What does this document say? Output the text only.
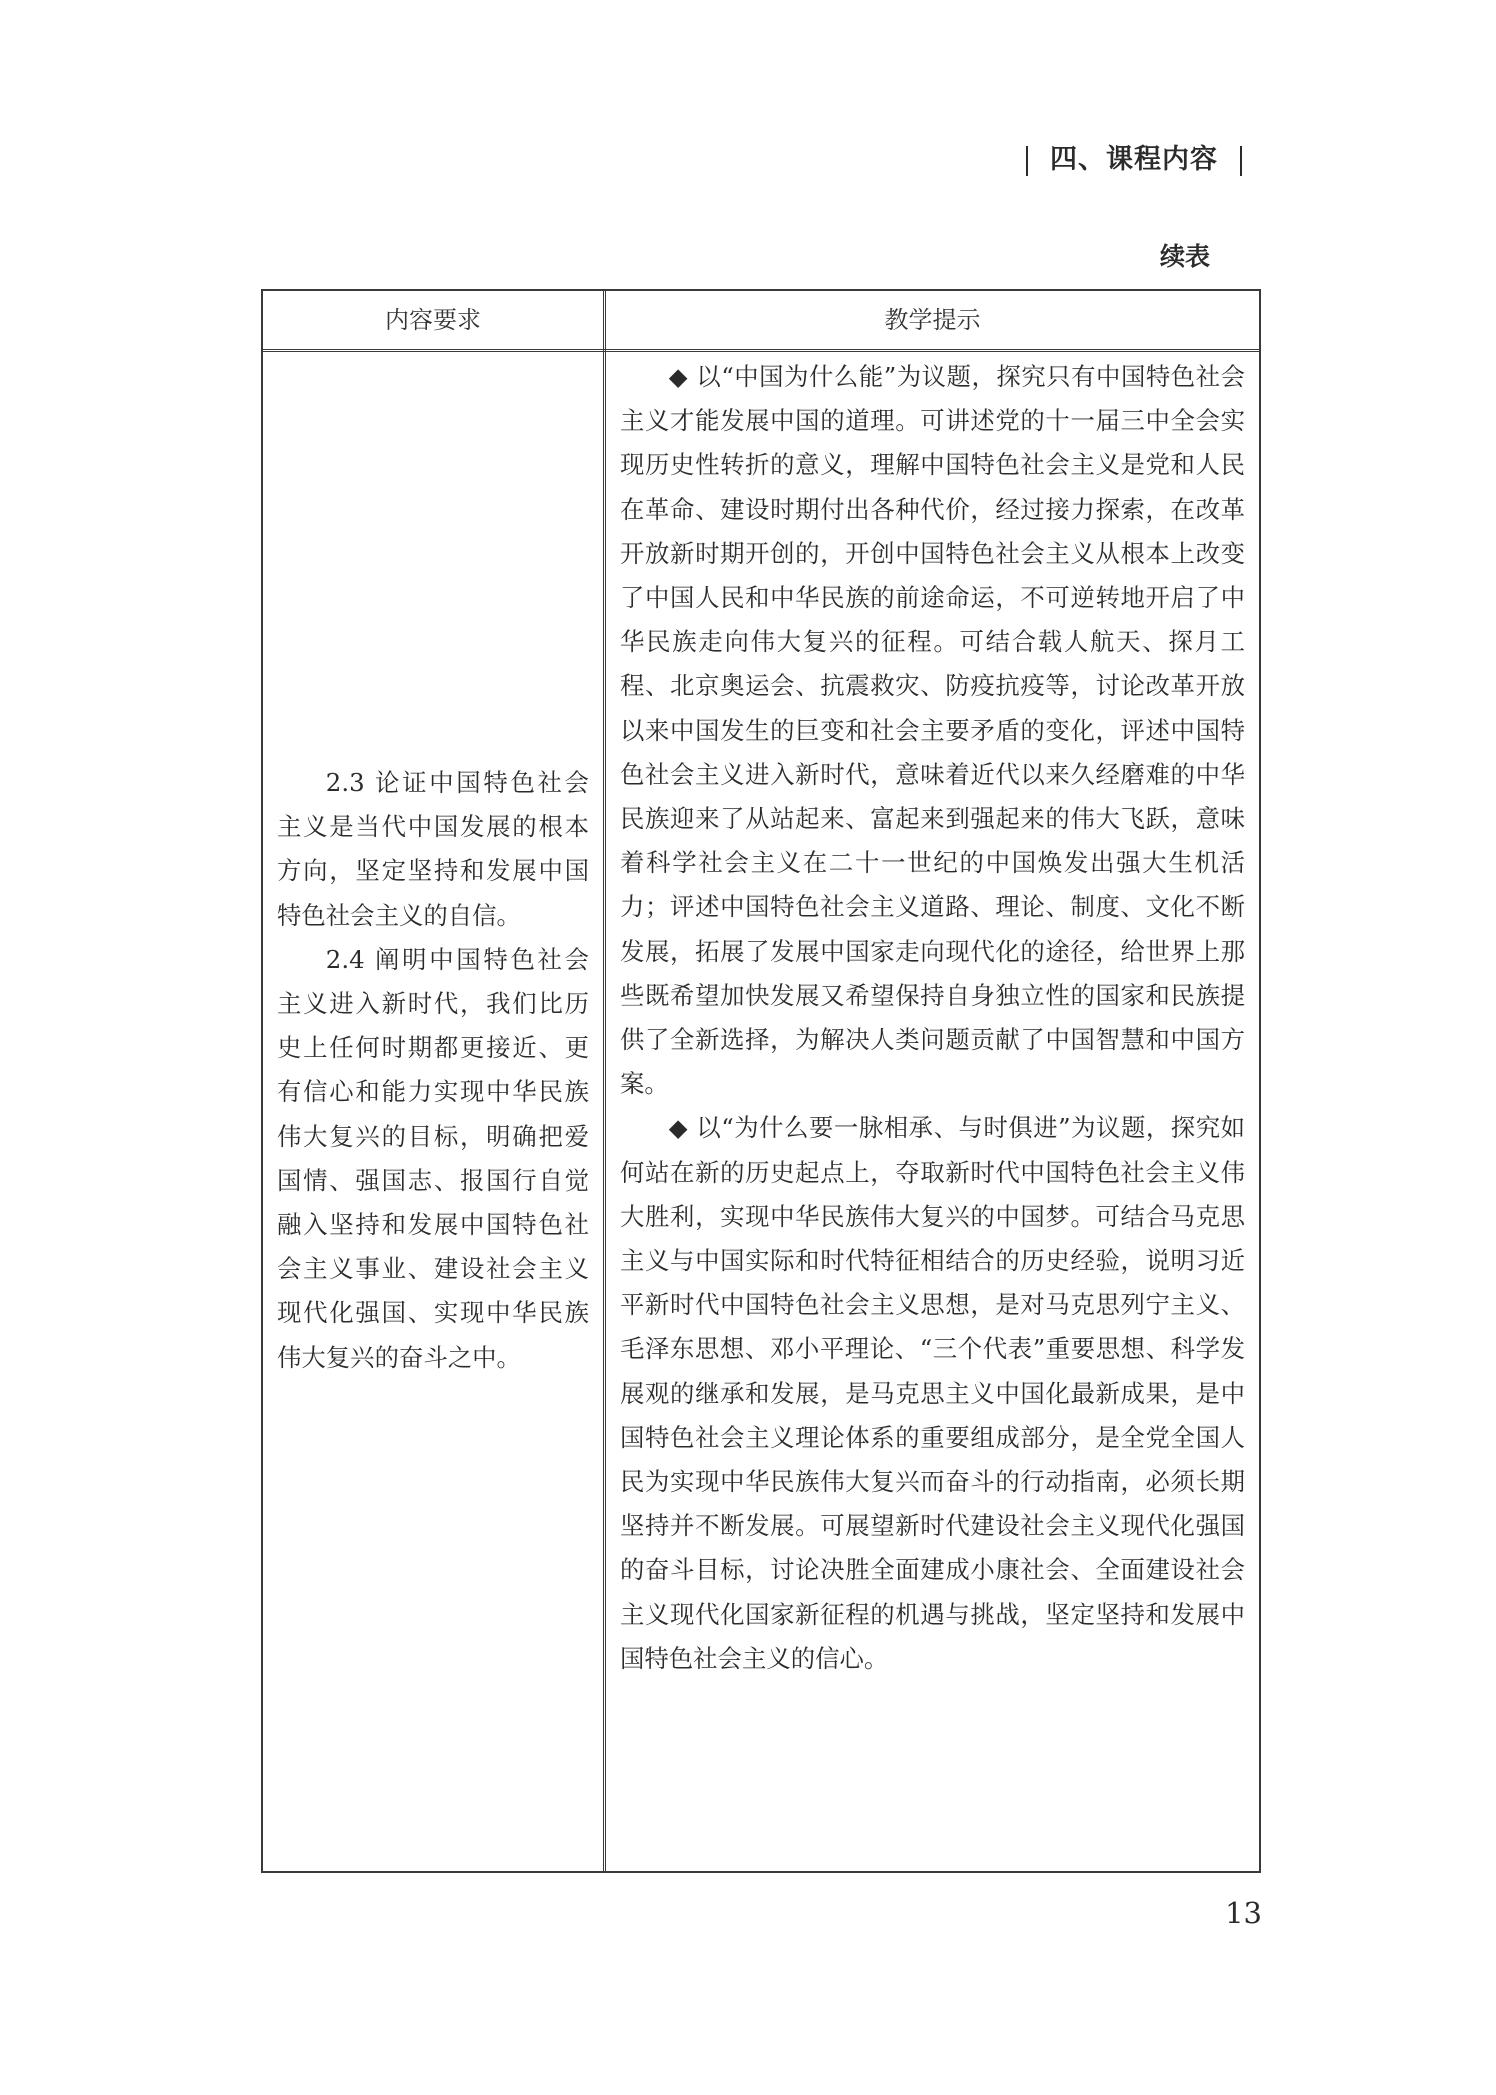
四、课程内容
续表
内容要求	教学提示

2.3 论证中国特色社会主义是当代中国发展的根本方向，坚定坚持和发展中国特色社会主义的自信。

2.4 阐明中国特色社会主义进入新时代，我们比历史上任何时期都更接近、更有信心和能力实现中华民族伟大复兴的目标，明确把爱国情、强国志、报国行自觉融入坚持和发展中国特色社会主义事业、建设社会主义现代化强国、实现中华民族伟大复兴的奋斗之中。

◆ 以“中国为什么能”为议题，探究只有中国特色社会主义才能发展中国的道理。可讲述党的十一届三中全会实现历史性转折的意义，理解中国特色社会主义是党和人民在革命、建设时期付出各种代价，经过接力探索，在改革开放新时期开创的，开创中国特色社会主义从根本上改变了中国人民和中华民族的前途命运，不可逆转地开启了中华民族走向伟大复兴的征程。可结合载人航天、探月工程、北京奥运会、抗震救灾、防疫抗疫等，讨论改革开放以来中国发生的巨变和社会主要矛盾的变化，评述中国特色社会主义进入新时代，意味着近代以来久经磨难的中华民族迎来了从站起来、富起来到强起来的伟大飞跃，意味着科学社会主义在二十一世纪的中国焕发出强大生机活力；评述中国特色社会主义道路、理论、制度、文化不断发展，拓展了发展中国家走向现代化的途径，给世界上那些既希望加快发展又希望保持自身独立性的国家和民族提供了全新选择，为解决人类问题贡献了中国智慧和中国方案。

◆ 以“为什么要一脉相承、与时俱进”为议题，探究如何站在新的历史起点上，夺取新时代中国特色社会主义伟大胜利，实现中华民族伟大复兴的中国梦。可结合马克思主义与中国实际和时代特征相结合的历史经验，说明习近平新时代中国特色社会主义思想，是对马克思列宁主义、毛泽东思想、邓小平理论、“三个代表”重要思想、科学发展观的继承和发展，是马克思主义中国化最新成果，是中国特色社会主义理论体系的重要组成部分，是全党全国人民为实现中华民族伟大复兴而奋斗的行动指南，必须长期坚持并不断发展。可展望新时代建设社会主义现代化强国的奋斗目标，讨论决胜全面建成小康社会、全面建设社会主义现代化国家新征程的机遇与挑战，坚定坚持和发展中国特色社会主义的信心。

13
